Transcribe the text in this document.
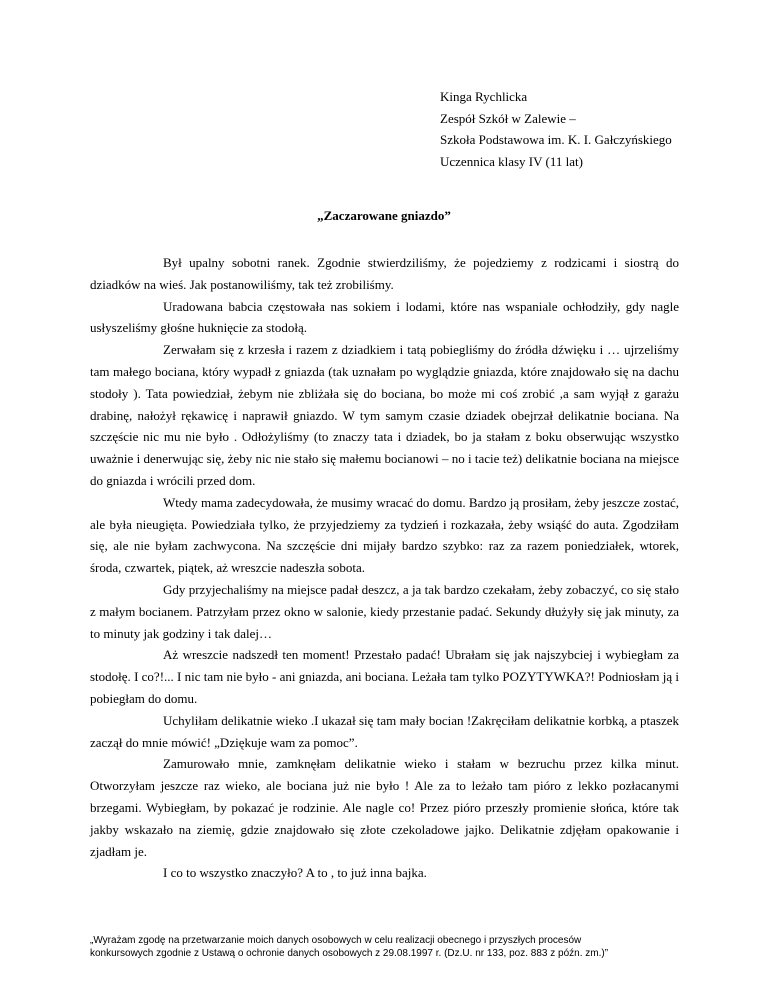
Kinga Rychlicka
Zespół Szkół w Zalewie –
Szkoła Podstawowa im. K. I. Gałczyńskiego
Uczennica klasy IV (11 lat)
„Zaczarowane gniazdo”

Był upalny sobotni ranek. Zgodnie stwierdziliśmy, że pojedziemy z rodzicami i siostrą do dziadków na wieś. Jak postanowiliśmy, tak też zrobiliśmy.

Uradowana babcia częstowała nas sokiem i lodami, które nas wspaniale ochłodziły, gdy nagle usłyszeliśmy głośne huknięcie za stodołą.

Zerwałam się z krzesła i razem z dziadkiem i tatą pobiegliśmy do źródła dźwięku i … ujrzeliśmy tam małego bociana, który wypadł z gniazda (tak uznałam po wyglądzie gniazda, które znajdowało się na dachu stodoły ). Tata powiedział, żebym nie zbliżała się do bociana, bo może mi coś zrobić ,a sam wyjął z garażu drabinę, nałożył rękawicę i naprawił gniazdo. W tym samym czasie dziadek obejrzał delikatnie bociana. Na szczęście nic mu nie było . Odłożyliśmy (to znaczy tata i dziadek, bo ja stałam z boku obserwując wszystko uważnie i denerwując się, żeby nic nie stało się małemu bocianowi – no i tacie też) delikatnie bociana na miejsce do gniazda i wrócili przed dom.

Wtedy mama zadecydowała, że musimy wracać do domu. Bardzo ją prosiłam, żeby jeszcze zostać, ale była nieugięta. Powiedziała tylko, że przyjedziemy za tydzień i rozkazała, żeby wsiąść do auta. Zgodziłam się, ale nie byłam zachwycona. Na szczęście dni mijały bardzo szybko: raz za razem poniedziałek, wtorek, środa, czwartek, piątek, aż wreszcie nadeszła sobota.

Gdy przyjechaliśmy na miejsce padał deszcz, a ja tak bardzo czekałam, żeby zobaczyć, co się stało z małym bocianem. Patrzyłam przez okno w salonie, kiedy przestanie padać. Sekundy dłużyły się jak minuty, za to minuty jak godziny i tak dalej…

Aż wreszcie nadszedł ten moment! Przestało padać! Ubrałam się jak najszybciej i wybiegłam za stodołę. I co?!... I nic tam nie było - ani gniazda, ani bociana. Leżała tam tylko POZYTYWKA?! Podniosłam ją i pobiegłam do domu.

Uchyliłam delikatnie wieko .I ukazał się tam mały bocian !Zakręciłam delikatnie korbką, a ptaszek zaczął do mnie mówić! „Dziękuje wam za pomoc”.

Zamurowało mnie, zamknęłam delikatnie wieko i stałam w bezruchu przez kilka minut. Otworzyłam jeszcze raz wieko, ale bociana już nie było ! Ale za to leżało tam pióro z lekko pozłacanymi brzegami. Wybiegłam, by pokazać je rodzinie. Ale nagle co! Przez pióro przeszły promienie słońca, które tak jakby wskazało na ziemię, gdzie znajdowało się złote czekoladowe jajko. Delikatnie zdjęłam opakowanie i zjadłam je.

I co to wszystko znaczyło? A to , to już inna bajka.

„Wyrażam zgodę na przetwarzanie moich danych osobowych w celu realizacji obecnego i przyszłych procesów
konkursowych zgodnie z Ustawą o ochronie danych osobowych z 29.08.1997 r. (Dz.U. nr 133, poz. 883 z późn. zm.)”
